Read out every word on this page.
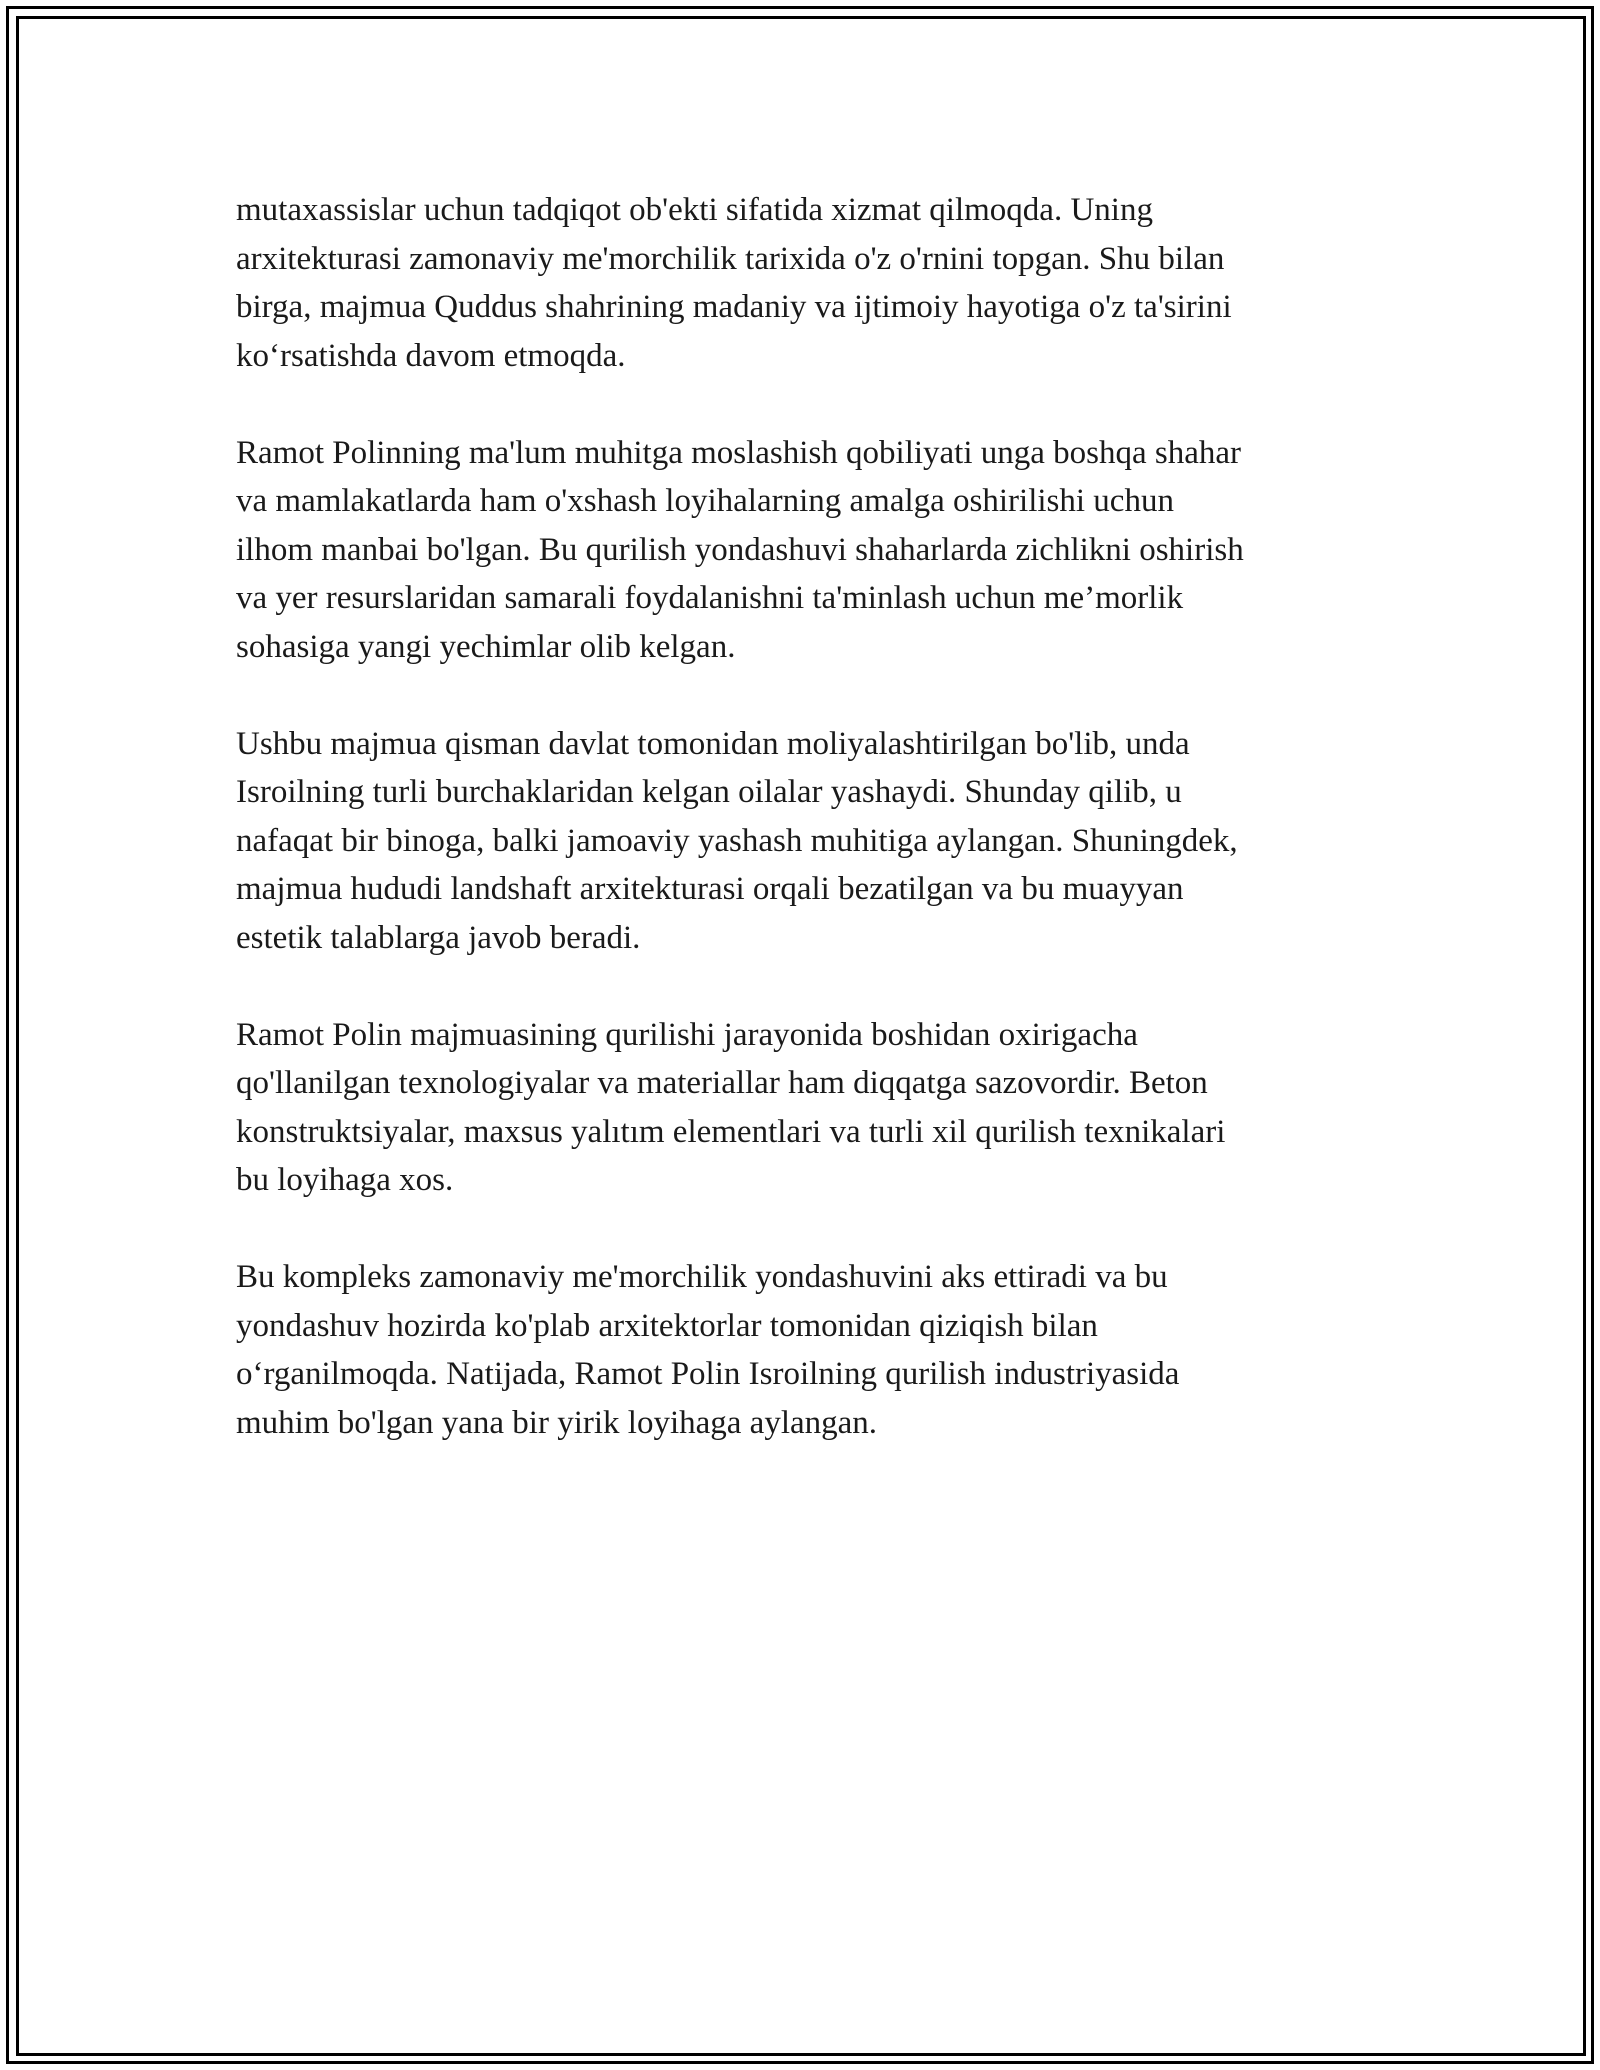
mutaxassislar uchun tadqiqot ob'ekti sifatida xizmat qilmoqda. Uning
arxitekturasi zamonaviy me'morchilik tarixida o'z o'rnini topgan. Shu bilan
birga, majmua Quddus shahrining madaniy va ijtimoiy hayotiga o'z ta'sirini
ko‘rsatishda davom etmoqda.

Ramot Polinning ma'lum muhitga moslashish qobiliyati unga boshqa shahar
va mamlakatlarda ham o'xshash loyihalarning amalga oshirilishi uchun
ilhom manbai bo'lgan. Bu qurilish yondashuvi shaharlarda zichlikni oshirish
va yer resurslaridan samarali foydalanishni ta'minlash uchun me’morlik
sohasiga yangi yechimlar olib kelgan.

Ushbu majmua qisman davlat tomonidan moliyalashtirilgan bo'lib, unda
Isroilning turli burchaklaridan kelgan oilalar yashaydi. Shunday qilib, u
nafaqat bir binoga, balki jamoaviy yashash muhitiga aylangan. Shuningdek,
majmua hududi landshaft arxitekturasi orqali bezatilgan va bu muayyan
estetik talablarga javob beradi.

Ramot Polin majmuasining qurilishi jarayonida boshidan oxirigacha
qo'llanilgan texnologiyalar va materiallar ham diqqatga sazovordir. Beton
konstruktsiyalar, maxsus yalıtım elementlari va turli xil qurilish texnikalari
bu loyihaga xos.

Bu kompleks zamonaviy me'morchilik yondashuvini aks ettiradi va bu
yondashuv hozirda ko'plab arxitektorlar tomonidan qiziqish bilan
o‘rganilmoqda. Natijada, Ramot Polin Isroilning qurilish industriyasida
muhim bo'lgan yana bir yirik loyihaga aylangan.
